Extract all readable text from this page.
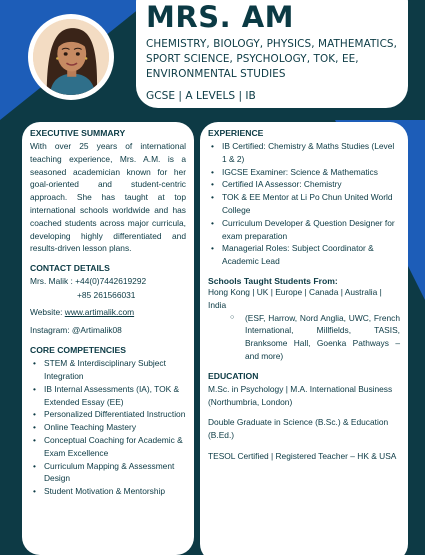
MRS. AM
CHEMISTRY, BIOLOGY, PHYSICS, MATHEMATICS, SPORT SCIENCE, PSYCHOLOGY, TOK, EE, ENVIRONMENTAL STUDIES
GCSE | A LEVELS | IB
EXECUTIVE SUMMARY
With over 25 years of international teaching experience, Mrs. A.M. is a seasoned academician known for her goal-oriented and student-centric approach. She has taught at top international schools worldwide and has coached students across major curricula, developing highly differentiated and results-driven lesson plans.
CONTACT DETAILS
Mrs. Malik : +44(0)7442619292
+85 261566031
Website: www.artimalik.com
Instagram: @Artimalik08
CORE COMPETENCIES
• STEM & Interdisciplinary Subject Integration
• IB Internal Assessments (IA), TOK & Extended Essay (EE)
• Personalized Differentiated Instruction
• Online Teaching Mastery
• Conceptual Coaching for Academic & Exam Excellence
• Curriculum Mapping & Assessment Design
• Student Motivation & Mentorship
EXPERIENCE
• IB Certified: Chemistry & Maths Studies (Level 1 & 2)
• IGCSE Examiner: Science & Mathematics
• Certified IA Assessor: Chemistry
• TOK & EE Mentor at Li Po Chun United World College
• Curriculum Developer & Question Designer for exam preparation
• Managerial Roles: Subject Coordinator & Academic Lead
Schools Taught Students From:
Hong Kong | UK | Europe | Canada | Australia | India
○ (ESF, Harrow, Nord Anglia, UWC, French International, Millfields, TASIS, Branksome Hall, Goenka Pathways – and more)
EDUCATION
M.Sc. in Psychology | M.A. International Business (Northumbria, London)
Double Graduate in Science (B.Sc.) & Education (B.Ed.)
TESOL Certified | Registered Teacher – HK & USA
